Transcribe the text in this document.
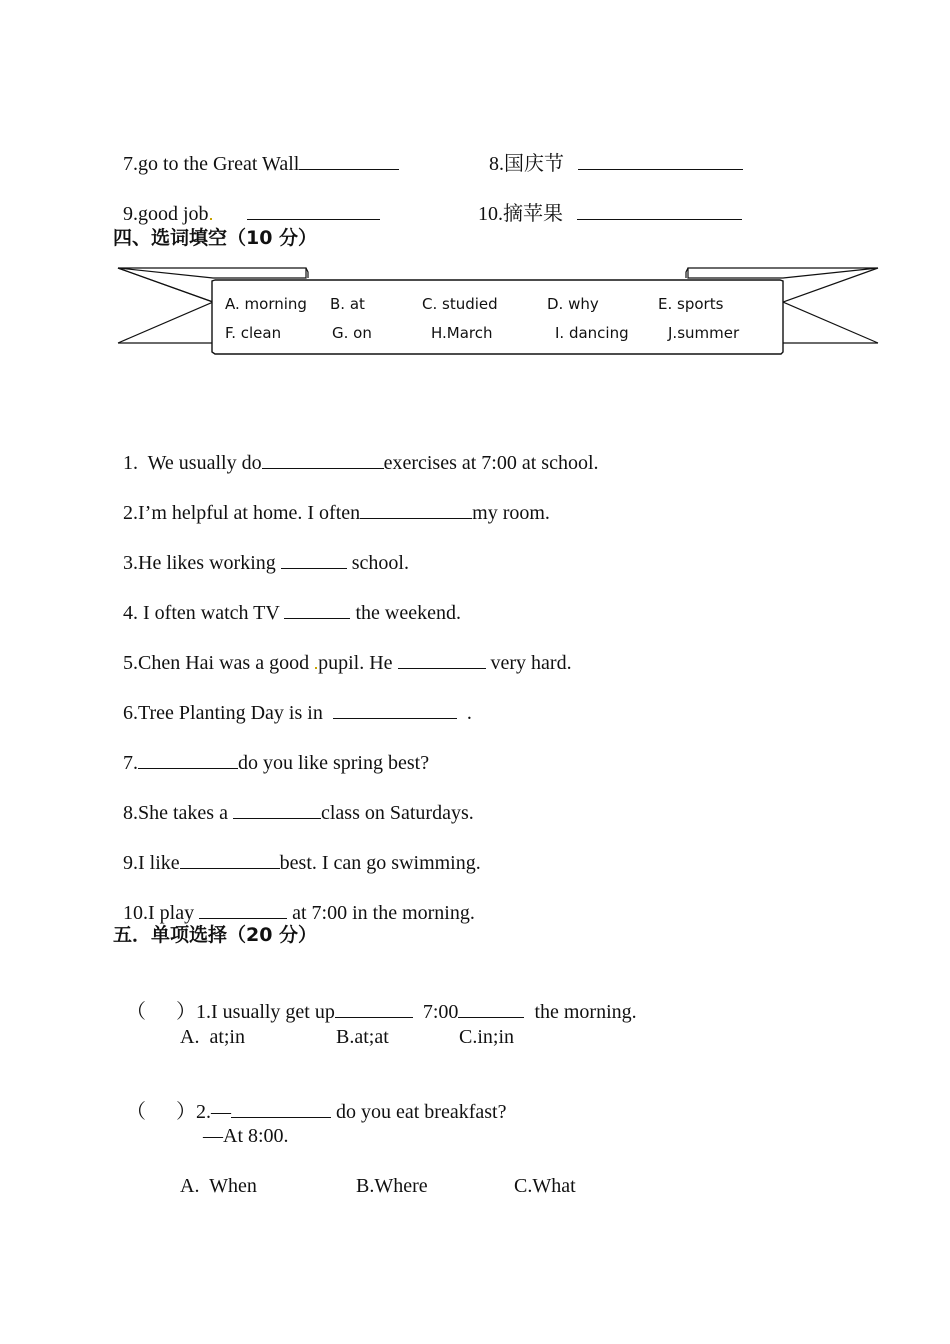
7.go to the Great Wall	8.国庆节

9.good job	10.摘苹果

四、选词填空（10 分）
A. morning B. at	C. studied	D. why	E. sports
F. clean	G. on	H.March	I. dancing	J.summer

1.  We usually do	exercises at 7:00 at school.

2.I’m helpful at home. I often	my room.

3.He likes working	school.

4. I often watch TV	the weekend.

5.Chen Hai was a good pupil. He	very hard.

6.Tree Planting Day is in	.

7.	do you like spring best?

8.She takes a	class on Saturdays.

9.I like	best. I can go swimming.

10.I play	at 7:00 in the morning.

五．单项选择（20 分）

（      ）1.I usually get up	7:00	the morning.

A.  at;in	B.at;at	C.in;in

（      ）2.—	do you eat breakfast?

—At 8:00.
A.  When	B.Where	C.What
